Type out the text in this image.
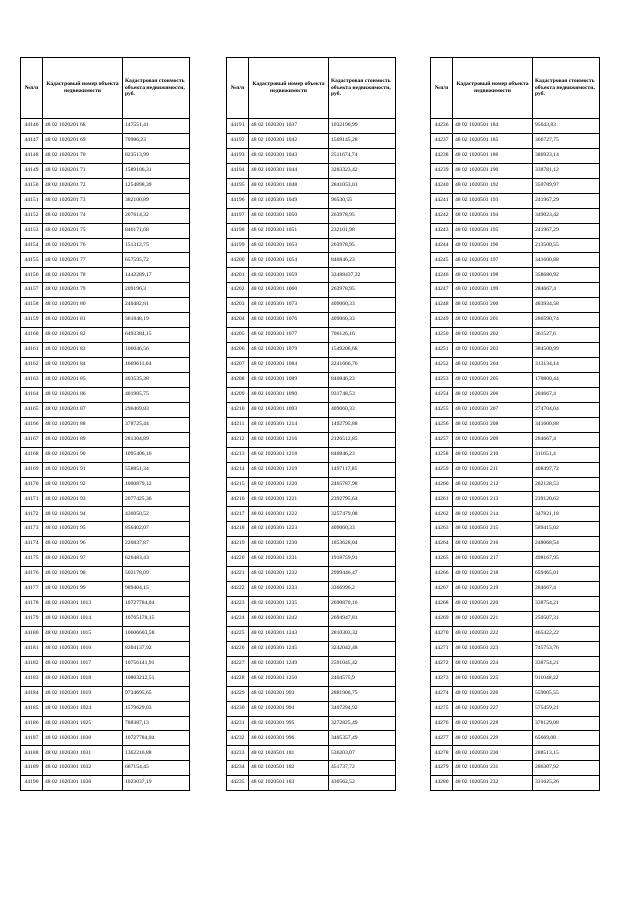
№п/п	Кадастровый номер объекта недвижимости	Кадастровая стоимость объекта недвижимости, руб.
44146	48 02 1020201 68	147551,41
44147	48 02 1020201 69	70986,23
44148	48 02 1020201 70	823513,99
44149	48 02 1020201 71	1589106,31
44150	48 02 1020201 72	1254898,39
44151	48 02 1020201 73	382100,89
44152	48 02 1020201 74	207614,32
44153	48 02 1020201 75	846171,68
44154	48 02 1020201 76	151312,75
44155	48 02 1020201 77	657595,72
44156	48 02 1020201 78	1442289,17
44157	48 02 1020201 79	209196,3
44158	48 02 1020201 80	240482,81
44159	48 02 1020201 81	361848,19
44160	48 02 1020201 82	6493384,15
44161	48 02 1020201 83	106046,56
44162	48 02 1020201 84	1669611,04
44163	48 02 1020201 85	403535,38
44164	48 02 1020201 86	401985,75
44165	48 02 1020201 87	296469,83
44166	48 02 1020201 88	378725,44
44167	48 02 1020201 89	281304,89
44168	48 02 1020201 90	1095406,16
44169	48 02 1020201 91	558851,34
44170	48 02 1020201 92	1000879,12
44171	48 02 1020201 93	2077425,36
44172	48 02 1020201 94	436050,52
44173	48 02 1020201 95	856402,07
44174	48 02 1020201 96	226837,87
44175	48 02 1020201 97	626483,43
44176	48 02 1020201 98	502178,09
44177	48 02 1020201 99	989404,15
44178	48 02 1020301 1013	10727784,04
44179	48 02 1020301 1014	10765178,15
44180	48 02 1020301 1015	10606603,58
44181	48 02 1020301 1016	8204137,92
44182	48 02 1020301 1017	10756141,91
44183	48 02 1020301 1018	10803212,51
44184	48 02 1020301 1019	9734695,65
44185	48 02 1020301 1024	1579629,03
44186	48 02 1020301 1025	788387,13
44187	48 02 1020301 1030	10727784,04
44188	48 02 1020301 1031	1362216,88
44189	48 02 1020301 1032	687154,45
44190	48 02 1020301 1036	1023037,19
№п/п	Кадастровый номер объекта недвижимости	Кадастровая стоимость объекта недвижимости, руб.
44191	48 02 1020301 1037	1032190,99
44192	48 02 1020301 1042	1569145,28
44193	48 02 1020301 1043	2511674,74
44194	48 02 1020301 1044	3283323,42
44195	48 02 1020301 1048	2841053,01
44196	48 02 1020301 1049	96530,55
44197	48 02 1020301 1050	263978,95
44198	48 02 1020301 1051	232101,98
44199	48 02 1020301 1053	263978,95
44200	48 02 1020301 1054	840846,23
44201	48 02 1020301 1059	33488437,32
44202	48 02 1020301 1060	263978,95
44203	48 02 1020301 1073	409060,33
44204	48 02 1020301 1076	409060,33
44205	48 02 1020301 1077	706126,16
44206	48 02 1020301 1079	1549206,68
44207	48 02 1020301 1084	2241666,76
44208	48 02 1020301 1089	840846,23
44209	48 02 1020301 1090	931748,53
44210	48 02 1020301 1093	409060,33
44211	48 02 1020301 1214	1492795,88
44212	48 02 1020301 1216	2126512,85
44213	48 02 1020301 1218	840846,23
44214	48 02 1020301 1219	1497117,85
44215	48 02 1020301 1220	2465787,98
44216	48 02 1020301 1221	2392795,64
44217	48 02 1020301 1222	3257479,08
44218	48 02 1020301 1223	409060,33
44219	48 02 1020301 1230	1853628,04
44220	48 02 1020301 1231	1918759,91
44221	48 02 1020301 1232	2999446,47
44222	48 02 1020301 1233	3366996,2
44223	48 02 1020301 1235	2690870,16
44224	48 02 1020301 1242	2694947,81
44225	48 02 1020301 1243	2810303,32
44226	48 02 1020301 1245	3242042,48
44227	48 02 1020301 1249	2591045,42
44228	48 02 1020301 1250	2404575,9
44229	48 02 1020301 993	2881906,75
44230	48 02 1020301 994	3407294,92
44231	48 02 1020301 995	3272825,49
44232	48 02 1020301 996	3405357,49
44233	48 02 1020501 181	536203,07
44234	48 02 1020501 182	451737,72
44235	48 02 1020501 183	430562,52
№п/п	Кадастровый номер объекта недвижимости	Кадастровая стоимость объекта недвижимости, руб.
44236	48 02 1020501 184	95643,83
44237	48 02 1020501 185	366727,75
44238	48 02 1020501 186	386923,14
44239	48 02 1020501 190	338781,12
44240	48 02 1020501 192	350789,97
44241	48 02 1020501 193	241967,29
44242	48 02 1020501 194	349023,42
44243	48 02 1020501 195	241967,29
44244	48 02 1020501 196	213500,55
44245	48 02 1020501 197	341600,88
44246	48 02 1020501 198	358680,92
44247	48 02 1020501 199	284667,4
44248	48 02 1020501 200	483934,58
44249	48 02 1020501 201	286590,74
44250	48 02 1020501 202	361527,6
44251	48 02 1020501 203	384500,99
44252	48 02 1020501 204	313134,14
44253	48 02 1020501 205	170800,44
44254	48 02 1020501 206	284667,4
44255	48 02 1020501 207	274704,04
44256	48 02 1020501 208	341600,88
44257	48 02 1020501 209	284667,4
44258	48 02 1020501 210	311651,4
44259	48 02 1020501 211	408497,72
44260	48 02 1020501 212	282128,53
44261	48 02 1020501 213	239120,62
44262	48 02 1020501 214	347821,18
44263	48 02 1020501 215	589415,02
44264	48 02 1020501 216	248068,54
44265	48 02 1020501 217	498167,95
44266	48 02 1020501 218	659465,01
44267	48 02 1020501 219	284667,4
44268	48 02 1020501 220	338754,21
44269	48 02 1020501 221	250507,31
44270	48 02 1020501 222	465422,22
44271	48 02 1020501 223	745753,76
44272	48 02 1020501 224	338754,21
44273	48 02 1020501 225	911048,22
44274	48 02 1020501 226	559005,55
44275	48 02 1020501 227	575459,21
44276	48 02 1020501 228	378129,08
44277	48 02 1020501 229	65669,08
44278	48 02 1020501 230	288513,15
44279	48 02 1020501 231	286307,92
44280	48 02 1020501 232	331625,26
